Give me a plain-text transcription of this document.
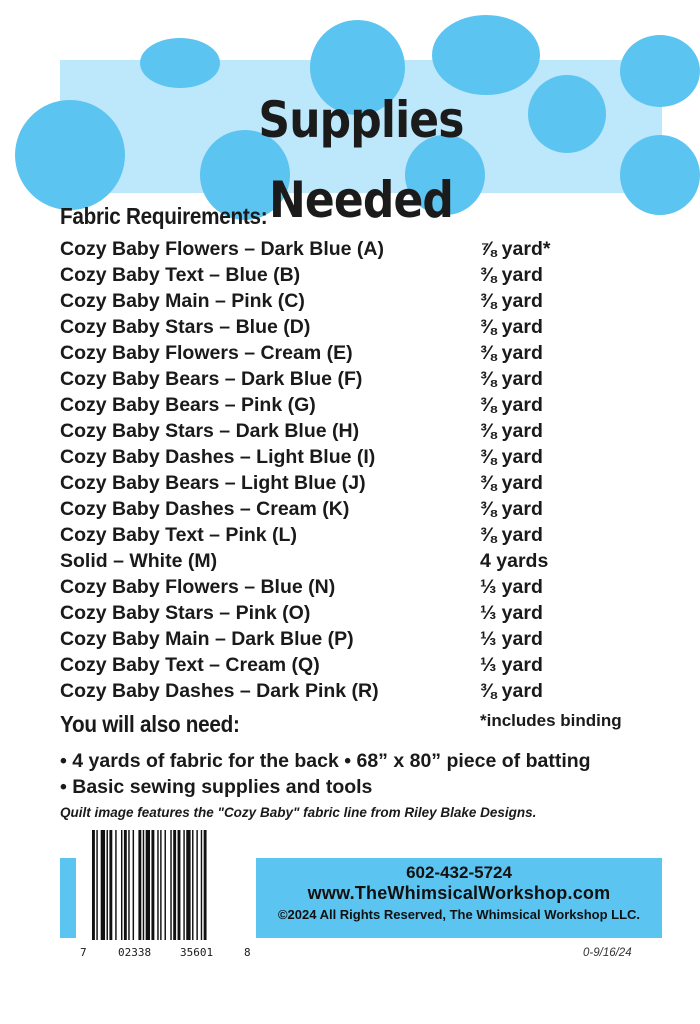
Supplies Needed
Fabric Requirements:
Cozy Baby Flowers – Dark Blue (A)	⅞ yard*
Cozy Baby Text – Blue (B)	⅜ yard
Cozy Baby Main – Pink (C)	⅜ yard
Cozy Baby Stars – Blue (D)	⅜ yard
Cozy Baby Flowers – Cream (E)	⅜ yard
Cozy Baby Bears – Dark Blue (F)	⅜ yard
Cozy Baby Bears – Pink (G)	⅜ yard
Cozy Baby Stars – Dark Blue (H)	⅜ yard
Cozy Baby Dashes – Light Blue (I)	⅜ yard
Cozy Baby Bears – Light Blue (J)	⅜ yard
Cozy Baby Dashes – Cream (K)	⅜ yard
Cozy Baby Text – Pink (L)	⅜ yard
Solid – White (M)	4 yards
Cozy Baby Flowers – Blue (N)	⅓ yard
Cozy Baby Stars – Pink (O)	⅓ yard
Cozy Baby Main – Dark Blue (P)	⅓ yard
Cozy Baby Text – Cream (Q)	⅓ yard
Cozy Baby Dashes – Dark Pink (R)	⅜ yard
*includes binding
You will also need:
• 4 yards of fabric for the back • 68” x 80” piece of batting
• Basic sewing supplies and tools
Quilt image features the "Cozy Baby" fabric line from Riley Blake Designs.
7	02338	35601	8
602-432-5724
www.TheWhimsicalWorkshop.com
©2024 All Rights Reserved, The Whimsical Workshop LLC.
0-9/16/24
